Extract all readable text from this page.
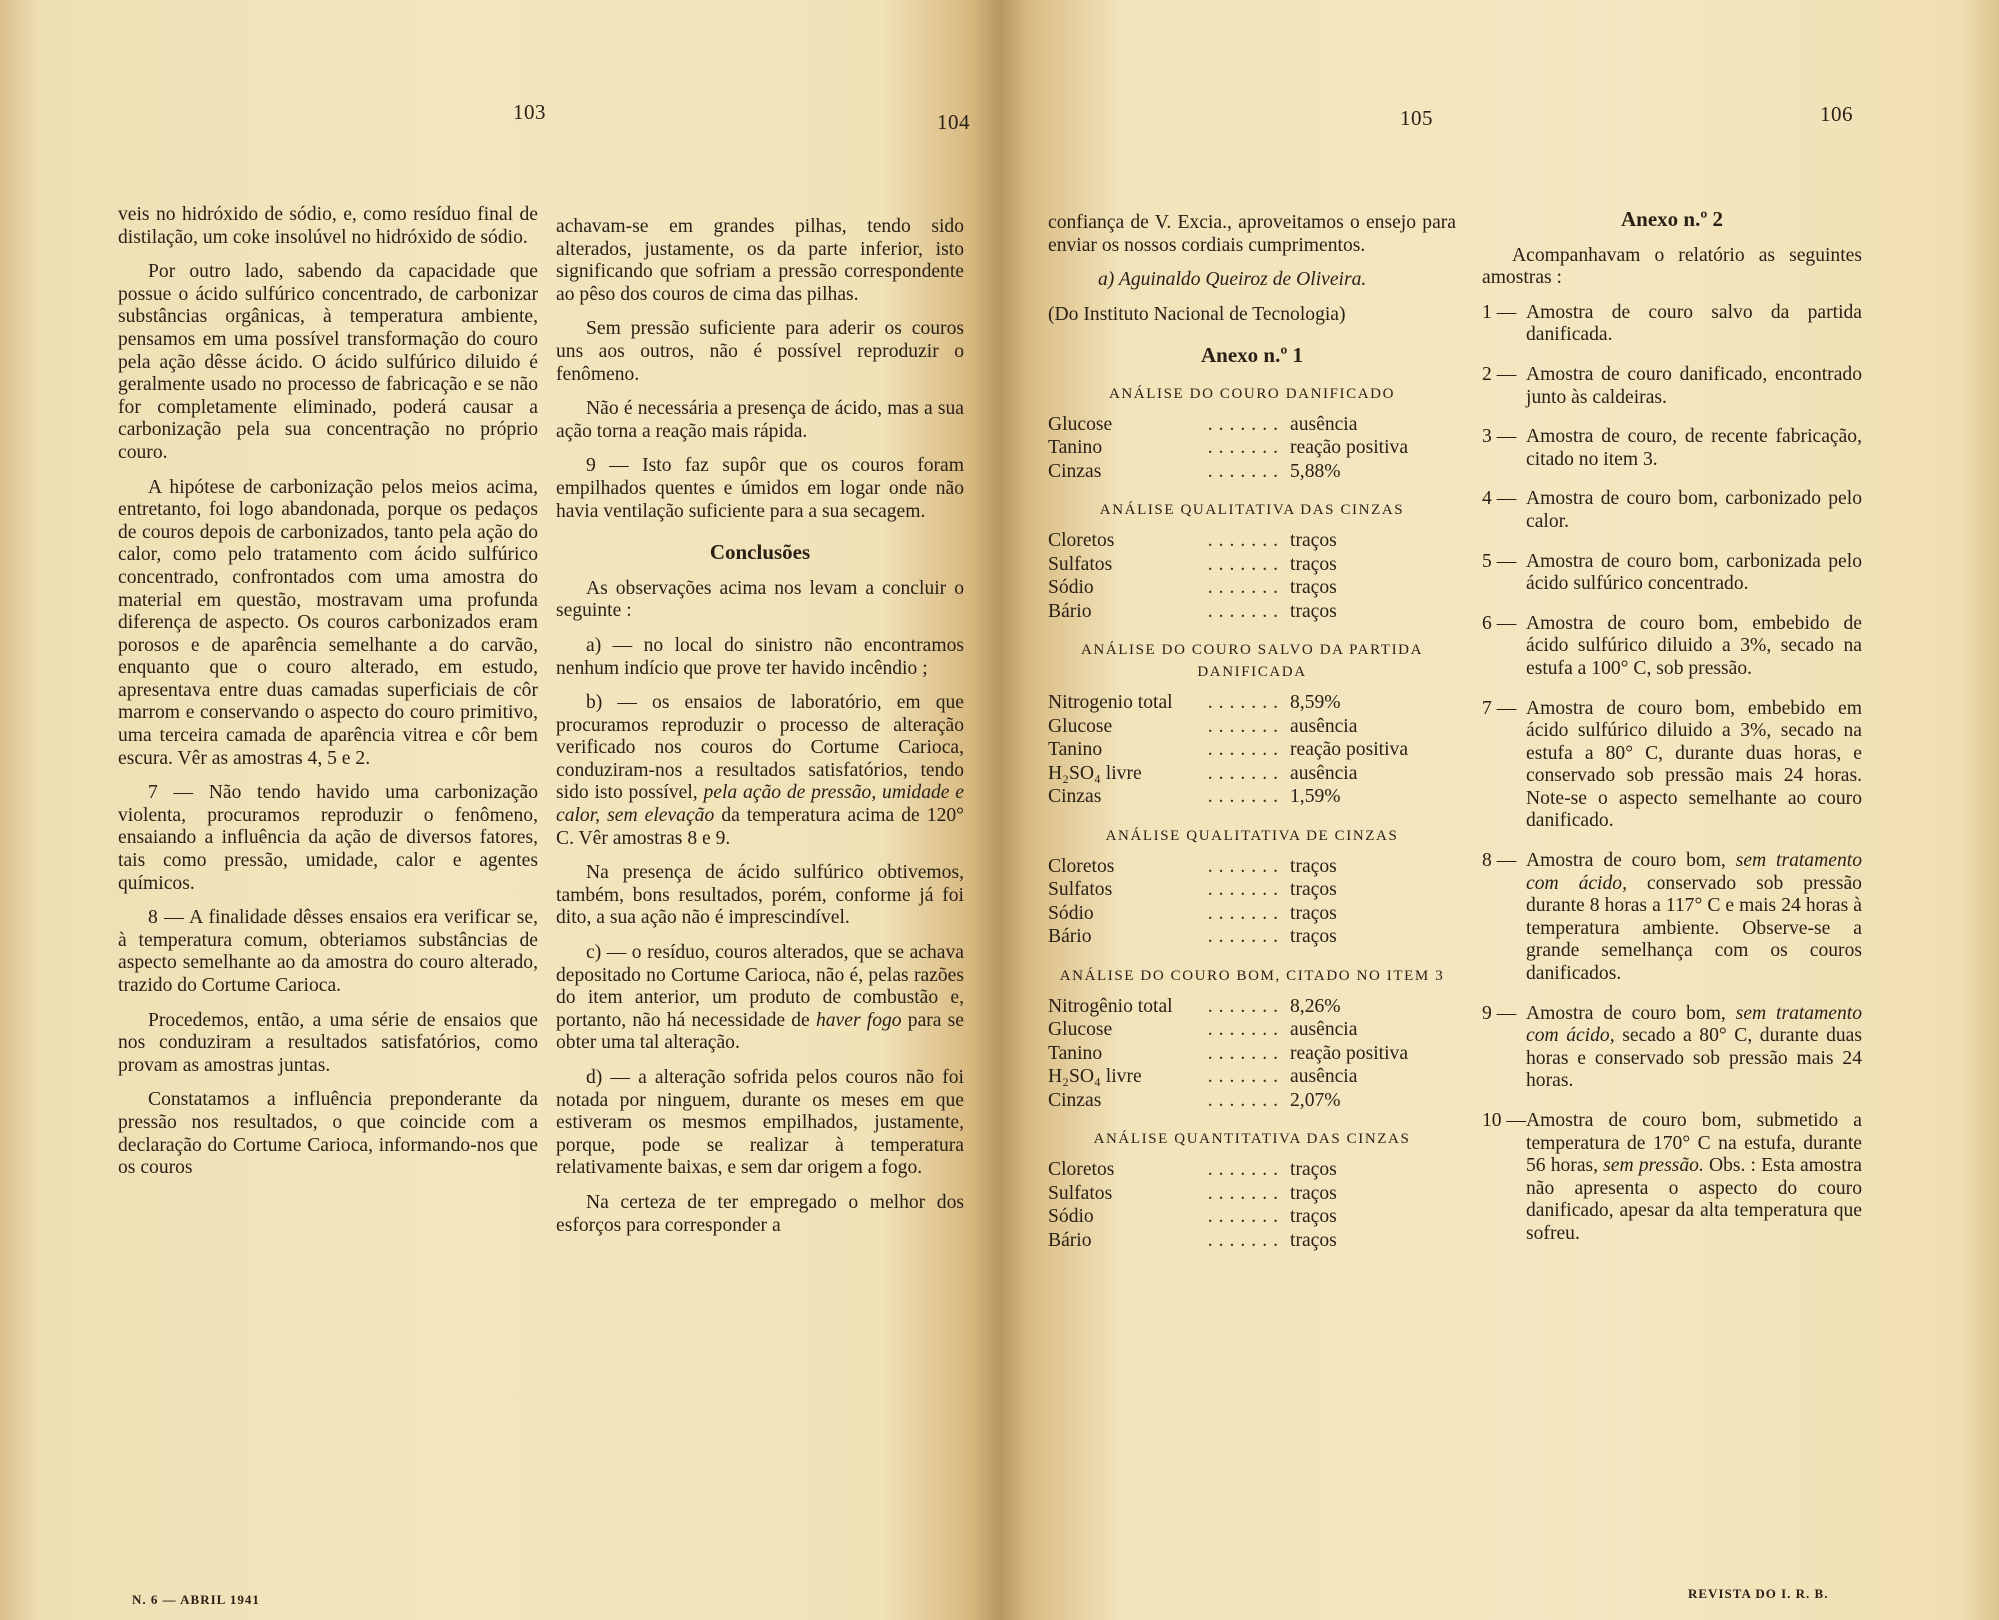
103	104	105	106

veis no hidróxido de sódio, e, como resíduo final de distilação, um coke insolúvel no hidróxido de sódio.

Por outro lado, sabendo da capacidade que possue o ácido sulfúrico concentrado, de carbonizar substâncias orgânicas, à temperatura ambiente, pensamos em uma possível transformação do couro pela ação dêsse ácido. O ácido sulfúrico diluido é geralmente usado no processo de fabricação e se não for completamente eliminado, poderá causar a carbonização pela sua concentração no próprio couro.

A hipótese de carbonização pelos meios acima, entretanto, foi logo abandonada, porque os pedaços de couros depois de carbonizados, tanto pela ação do calor, como pelo tratamento com ácido sulfúrico concentrado, confrontados com uma amostra do material em questão, mostravam uma profunda diferença de aspecto. Os couros carbonizados eram porosos e de aparência semelhante a do carvão, enquanto que o couro alterado, em estudo, apresentava entre duas camadas superficiais de côr marrom e conservando o aspecto do couro primitivo, uma terceira camada de aparência vitrea e côr bem escura. Vêr as amostras 4, 5 e 2.

7 — Não tendo havido uma carbonização violenta, procuramos reproduzir o fenômeno, ensaiando a influência da ação de diversos fatores, tais como pressão, umidade, calor e agentes químicos.

8 — A finalidade dêsses ensaios era verificar se, à temperatura comum, obteriamos substâncias de aspecto semelhante ao da amostra do couro alterado, trazido do Cortume Carioca.

Procedemos, então, a uma série de ensaios que nos conduziram a resultados satisfatórios, como provam as amostras juntas.

Constatamos a influência preponderante da pressão nos resultados, o que coincide com a declaração do Cortume Carioca, informando-nos que os couros

achavam-se em grandes pilhas, tendo sido alterados, justamente, os da parte inferior, isto significando que sofriam a pressão correspondente ao pêso dos couros de cima das pilhas.

Sem pressão suficiente para aderir os couros uns aos outros, não é possível reproduzir o fenômeno.

Não é necessária a presença de ácido, mas a sua ação torna a reação mais rápida.

9 — Isto faz supôr que os couros foram empilhados quentes e úmidos em logar onde não havia ventilação suficiente para a sua secagem.

Conclusões

As observações acima nos levam a concluir o seguinte :

a) — no local do sinistro não encontramos nenhum indício que prove ter havido incêndio ;

b) — os ensaios de laboratório, em que procuramos reproduzir o processo de alteração verificado nos couros do Cortume Carioca, conduziram-nos a resultados satisfatórios, tendo sido isto possível, pela ação de pressão, umidade e calor, sem elevação da temperatura acima de 120° C. Vêr amostras 8 e 9.

Na presença de ácido sulfúrico obtivemos, também, bons resultados, porém, conforme já foi dito, a sua ação não é imprescindível.

c) — o resíduo, couros alterados, que se achava depositado no Cortume Carioca, não é, pelas razões do item anterior, um produto de combustão e, portanto, não há necessidade de haver fogo para se obter uma tal alteração.

d) — a alteração sofrida pelos couros não foi notada por ninguem, durante os meses em que estiveram os mesmos empilhados, justamente, porque, pode se realizar à temperatura relativamente baixas, e sem dar origem a fogo.

Na certeza de ter empregado o melhor dos esforços para corresponder a

confiança de V. Excia., aproveitamos o ensejo para enviar os nossos cordiais cumprimentos.

a) Aguinaldo Queiroz de Oliveira.

(Do Instituto Nacional de Tecnologia)

Anexo n.º 1
ANÁLISE DO COURO DANIFICADO
Glucose	....... ausência
Tanino	....... reação positiva
Cinzas	....... 5,88%
ANÁLISE QUALITATIVA DAS CINZAS
Cloretos	....... traços
Sulfatos	....... traços
Sódio	....... traços
Bário	....... traços
ANÁLISE DO COURO SALVO DA PARTIDA DANIFICADA
Nitrogenio total ....... 8,59%
Glucose	....... ausência
Tanino	....... reação positiva
H₂SO₄ livre	....... ausência
Cinzas	....... 1,59%
ANÁLISE QUALITATIVA DE CINZAS
Cloretos	....... traços
Sulfatos	....... traços
Sódio	....... traços
Bário	....... traços
ANÁLISE DO COURO BOM, CITADO NO ITEM 3
Nitrogênio total ....... 8,26%
Glucose	....... ausência
Tanino	....... reação positiva
H₂SO₄ livre	....... ausência
Cinzas	....... 2,07%
ANÁLISE QUANTITATIVA DAS CINZAS
Cloretos	....... traços
Sulfatos	....... traços
Sódio	....... traços
Bário	....... traços
Anexo n.º 2

Acompanhavam o relatório as seguintes amostras :

1 — Amostra de couro salvo da partida danificada.

2 — Amostra de couro danificado, encontrado junto às caldeiras.

3 — Amostra de couro, de recente fabricação, citado no item 3.

4 — Amostra de couro bom, carbonizado pelo calor.

5 — Amostra de couro bom, carbonizada pelo ácido sulfúrico concentrado.

6 — Amostra de couro bom, embebido de ácido sulfúrico diluido a 3%, secado na estufa a 100° C, sob pressão.

7 — Amostra de couro bom, embebido em ácido sulfúrico diluido a 3%, secado na estufa a 80° C, durante duas horas, e conservado sob pressão mais 24 horas. Note-se o aspecto semelhante ao couro danificado.

8 — Amostra de couro bom, sem tratamento com ácido, conservado sob pressão durante 8 horas a 117° C e mais 24 horas à temperatura ambiente. Observe-se a grande semelhança com os couros danificados.

9 — Amostra de couro bom, sem tratamento com ácido, secado a 80° C, durante duas horas e conservado sob pressão mais 24 horas.

10 — Amostra de couro bom, submetido a temperatura de 170° C na estufa, durante 56 horas, sem pressão. Obs. : Esta amostra não apresenta o aspecto do couro danificado, apesar da alta temperatura que sofreu.

N. 6 — ABRIL 1941	REVISTA DO I. R. B.
